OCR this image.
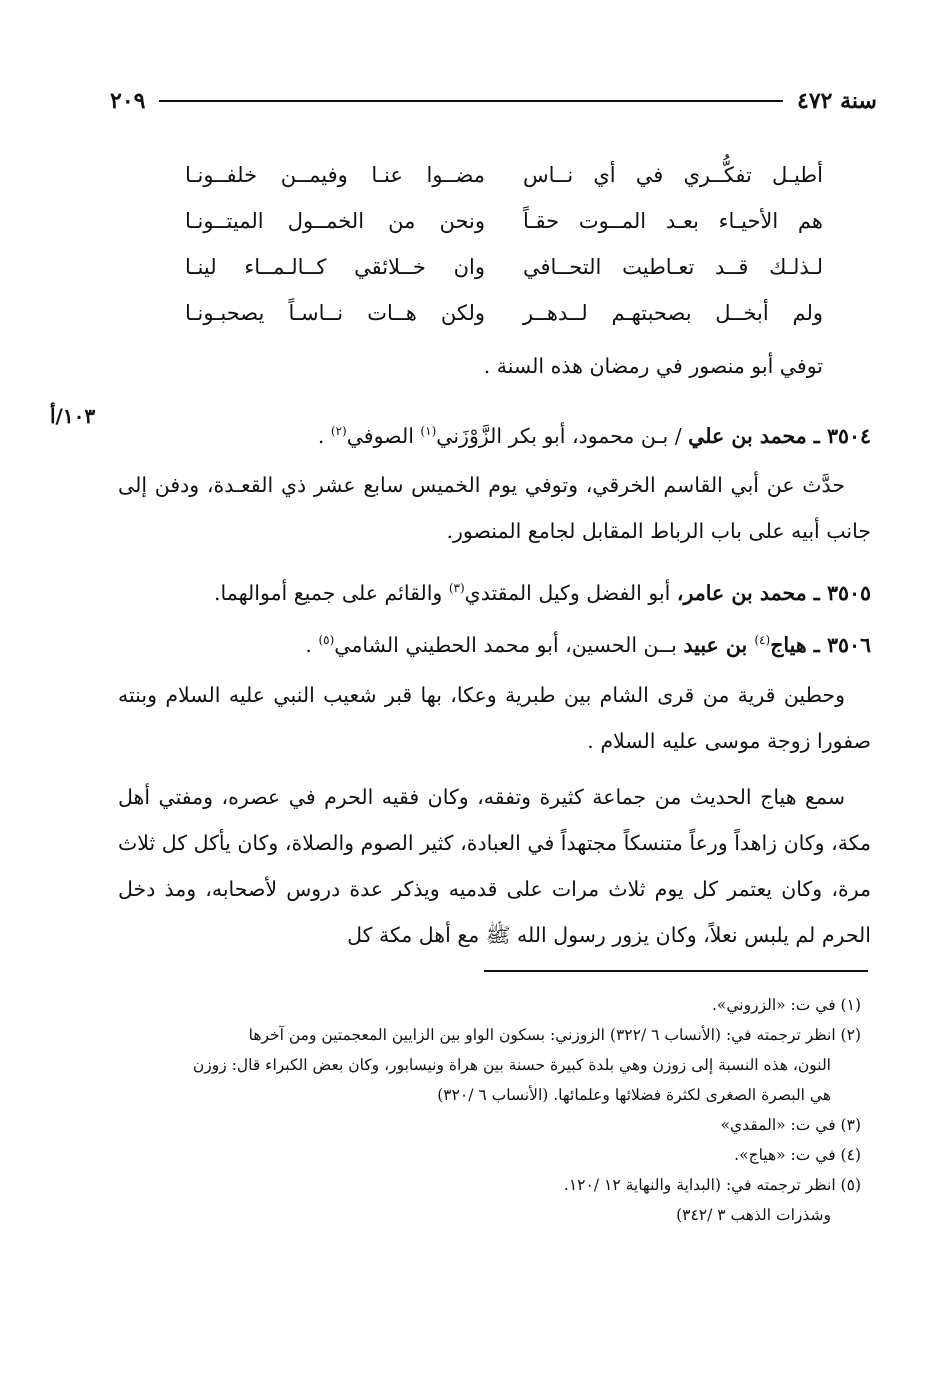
سنة ٤٧٢
٢٠٩
أطيـل تفكُّــري في أي نــاس
مضــوا عنـا وفيمــن خلفــونـا
هم الأحيـاء بعـد المــوت حقـاً
ونحن من الخمــول الميتــونـا
لـذلـك قــد تعـاطيت التحــافي
وان خــلائقي كــالـمــاء لينـا
ولم أبخــل بصحبتهـم لــدهــر
ولكن هــات نــاسـاً يصحبـونـا
توفي أبو منصور في رمضان هذه السنة .
٣٥٠٤ ـ محمد بن علي / بـن محمود، أبو بكر الزَّوْزَني$^{(١)}$ الصوفي$^{(٢)}$ .
١٠٣/أ
حدَّث عن أبي القاسم الخرقي، وتوفي يوم الخميس سابع عشر ذي القعـدة، ودفن إلى جانب أبيه على باب الرباط المقابل لجامع المنصور.
٣٥٠٥ ـ محمد بن عامر، أبو الفضل وكيل المقتدي$^{(٣)}$ والقائم على جميع أموالهما.
٣٥٠٦ ـ هياج$^{(٤)}$ بن عبيد بــن الحسين، أبو محمد الحطيني الشامي$^{(٥)}$ .
وحطين قرية من قرى الشام بين طبرية وعكا، بها قبر شعيب النبي عليه السلام وبنته صفورا زوجة موسى عليه السلام .
سمع هياج الحديث من جماعة كثيرة وتفقه، وكان فقيه الحرم في عصره، ومفتي أهل مكة، وكان زاهداً ورعاً متنسكاً مجتهداً في العبادة، كثير الصوم والصلاة، وكان يأكل كل ثلاث مرة، وكان يعتمر كل يوم ثلاث مرات على قدميه ويذكر عدة دروس لأصحابه، ومذ دخل الحرم لم يلبس نعلاً، وكان يزور رسول الله ﷺ مع أهل مكة كل

(١) في ت: «الزروني».

(٢) انظر ترجمته في: (الأنساب ٦ /٣٢٢) الزوزني: بسكون الواو بين الزايين المعجمتين ومن آخرها

النون، هذه النسبة إلى زوزن وهي بلدة كبيرة حسنة بين هراة ونيسابور، وكان بعض الكبراء قال: زوزن

هي البصرة الصغرى لكثرة فضلائها وعلمائها. (الأنساب ٦ /٣٢٠)

(٣) في ت: «المقدي»

(٤) في ت: «هياج».

(٥) انظر ترجمته في: (البداية والنهاية ١٢ /١٢٠.

وشذرات الذهب ٣ /٣٤٢)
